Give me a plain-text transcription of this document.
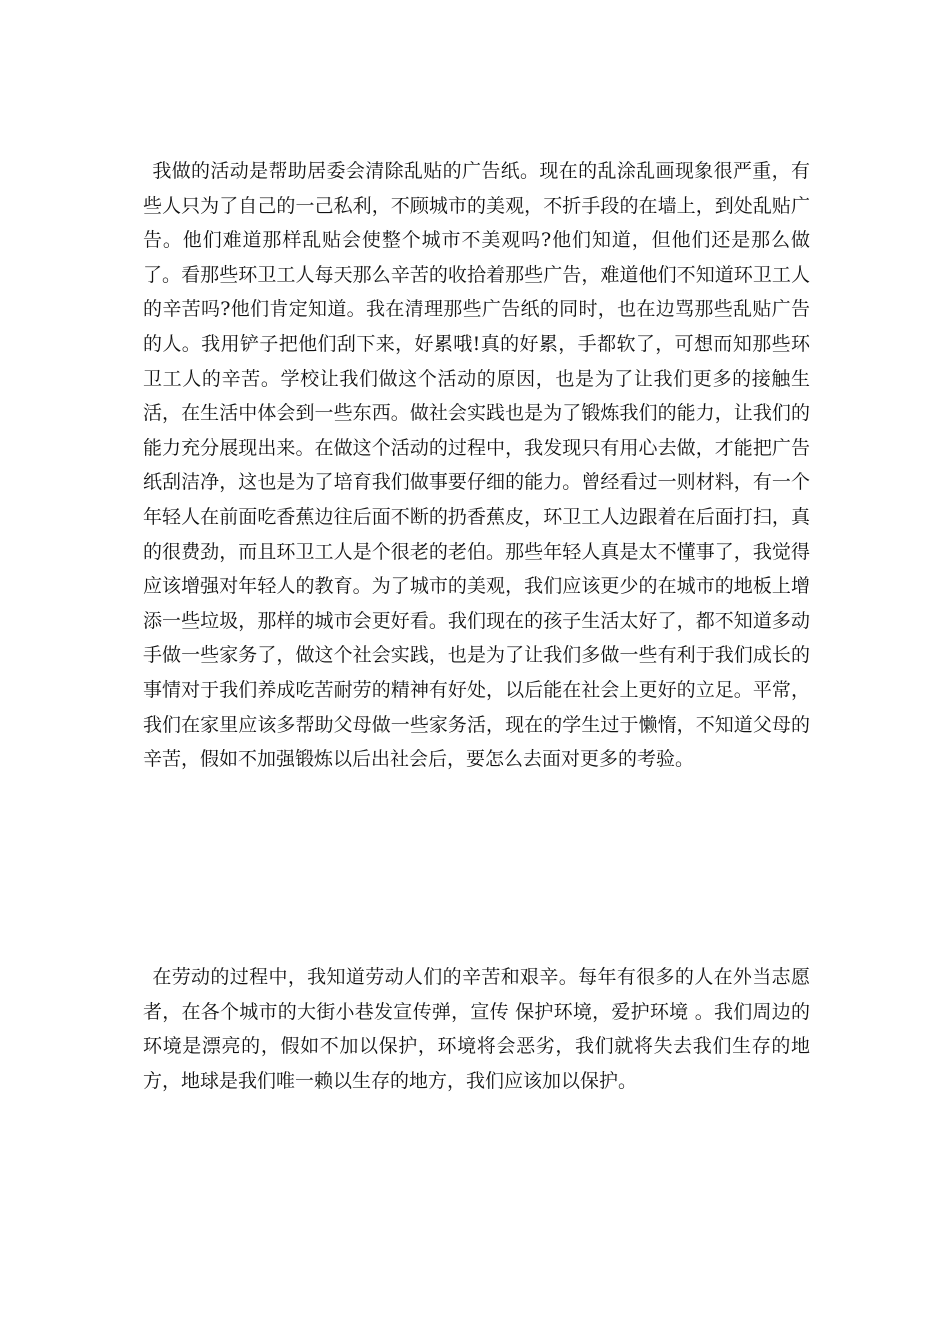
我做的活动是帮助居委会清除乱贴的广告纸。现在的乱涂乱画现象很严重，有些人只为了自己的一己私利，不顾城市的美观，不折手段的在墙上，到处乱贴广告。他们难道那样乱贴会使整个城市不美观吗?他们知道，但他们还是那么做了。看那些环卫工人每天那么辛苦的收拾着那些广告，难道他们不知道环卫工人的辛苦吗?他们肯定知道。我在清理那些广告纸的同时，也在边骂那些乱贴广告的人。我用铲子把他们刮下来，好累哦!真的好累，手都软了，可想而知那些环卫工人的辛苦。学校让我们做这个活动的原因，也是为了让我们更多的接触生活，在生活中体会到一些东西。做社会实践也是为了锻炼我们的能力，让我们的能力充分展现出来。在做这个活动的过程中，我发现只有用心去做，才能把广告纸刮洁净，这也是为了培育我们做事要仔细的能力。曾经看过一则材料，有一个年轻人在前面吃香蕉边往后面不断的扔香蕉皮，环卫工人边跟着在后面打扫，真的很费劲，而且环卫工人是个很老的老伯。那些年轻人真是太不懂事了，我觉得应该增强对年轻人的教育。为了城市的美观，我们应该更少的在城市的地板上增添一些垃圾，那样的城市会更好看。我们现在的孩子生活太好了，都不知道多动手做一些家务了，做这个社会实践，也是为了让我们多做一些有利于我们成长的事情对于我们养成吃苦耐劳的精神有好处，以后能在社会上更好的立足。平常，我们在家里应该多帮助父母做一些家务活，现在的学生过于懒惰，不知道父母的辛苦，假如不加强锻炼以后出社会后，要怎么去面对更多的考验。

在劳动的过程中，我知道劳动人们的辛苦和艰辛。每年有很多的人在外当志愿者，在各个城市的大街小巷发宣传弹，宣传 保护环境，爱护环境 。我们周边的环境是漂亮的，假如不加以保护，环境将会恶劣，我们就将失去我们生存的地方，地球是我们唯一赖以生存的地方，我们应该加以保护。
